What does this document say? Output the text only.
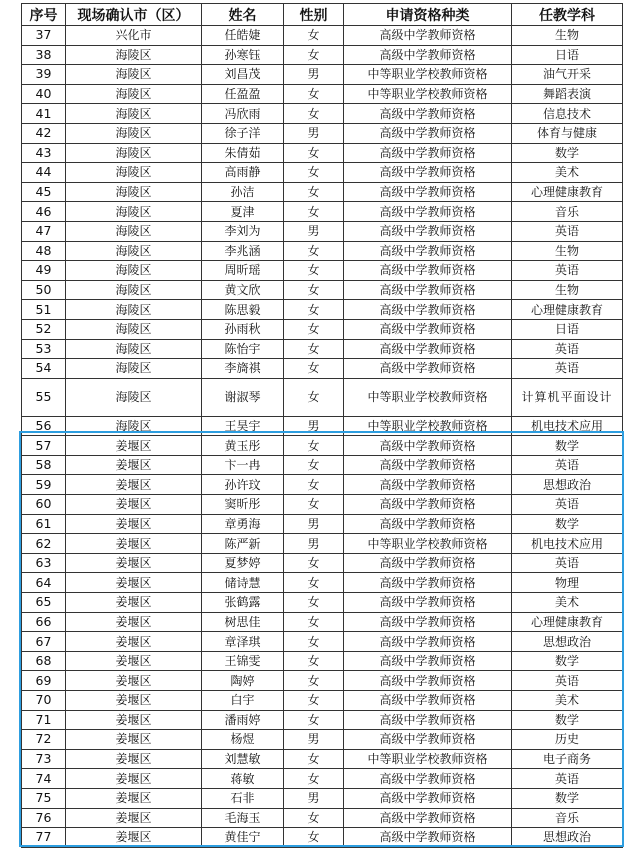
序号	现场确认市（区）	姓名	性别	申请资格种类	任教学科
37	兴化市	任皓婕	女	高级中学教师资格	生物
38	海陵区	孙寒钰	女	高级中学教师资格	日语
39	海陵区	刘昌茂	男	中等职业学校教师资格	油气开采
40	海陵区	任盈盈	女	中等职业学校教师资格	舞蹈表演
41	海陵区	冯欣雨	女	高级中学教师资格	信息技术
42	海陵区	徐子洋	男	高级中学教师资格	体育与健康
43	海陵区	朱倩茹	女	高级中学教师资格	数学
44	海陵区	高雨静	女	高级中学教师资格	美术
45	海陵区	孙洁	女	高级中学教师资格	心理健康教育
46	海陵区	夏津	女	高级中学教师资格	音乐
47	海陵区	李刘为	男	高级中学教师资格	英语
48	海陵区	李兆涵	女	高级中学教师资格	生物
49	海陵区	周昕瑶	女	高级中学教师资格	英语
50	海陵区	黄文欣	女	高级中学教师资格	生物
51	海陵区	陈思毅	女	高级中学教师资格	心理健康教育
52	海陵区	孙雨秋	女	高级中学教师资格	日语
53	海陵区	陈怡宇	女	高级中学教师资格	英语
54	海陵区	李旖祺	女	高级中学教师资格	英语
55	海陵区	谢淑琴	女	中等职业学校教师资格	计算机平面设计
56	海陵区	王昊宇	男	中等职业学校教师资格	机电技术应用
57	姜堰区	黄玉彤	女	高级中学教师资格	数学
58	姜堰区	卞一冉	女	高级中学教师资格	英语
59	姜堰区	孙许玟	女	高级中学教师资格	思想政治
60	姜堰区	窦昕彤	女	高级中学教师资格	英语
61	姜堰区	章勇海	男	高级中学教师资格	数学
62	姜堰区	陈严新	男	中等职业学校教师资格	机电技术应用
63	姜堰区	夏梦婷	女	高级中学教师资格	英语
64	姜堰区	储诗慧	女	高级中学教师资格	物理
65	姜堰区	张鹤露	女	高级中学教师资格	美术
66	姜堰区	树思佳	女	高级中学教师资格	心理健康教育
67	姜堰区	章泽琪	女	高级中学教师资格	思想政治
68	姜堰区	王锦雯	女	高级中学教师资格	数学
69	姜堰区	陶婷	女	高级中学教师资格	英语
70	姜堰区	白宇	女	高级中学教师资格	美术
71	姜堰区	潘雨婷	女	高级中学教师资格	数学
72	姜堰区	杨煜	男	高级中学教师资格	历史
73	姜堰区	刘慧敏	女	中等职业学校教师资格	电子商务
74	姜堰区	蒋敏	女	高级中学教师资格	英语
75	姜堰区	石非	男	高级中学教师资格	数学
76	姜堰区	毛海玉	女	高级中学教师资格	音乐
77	姜堰区	黄佳宁	女	高级中学教师资格	思想政治
